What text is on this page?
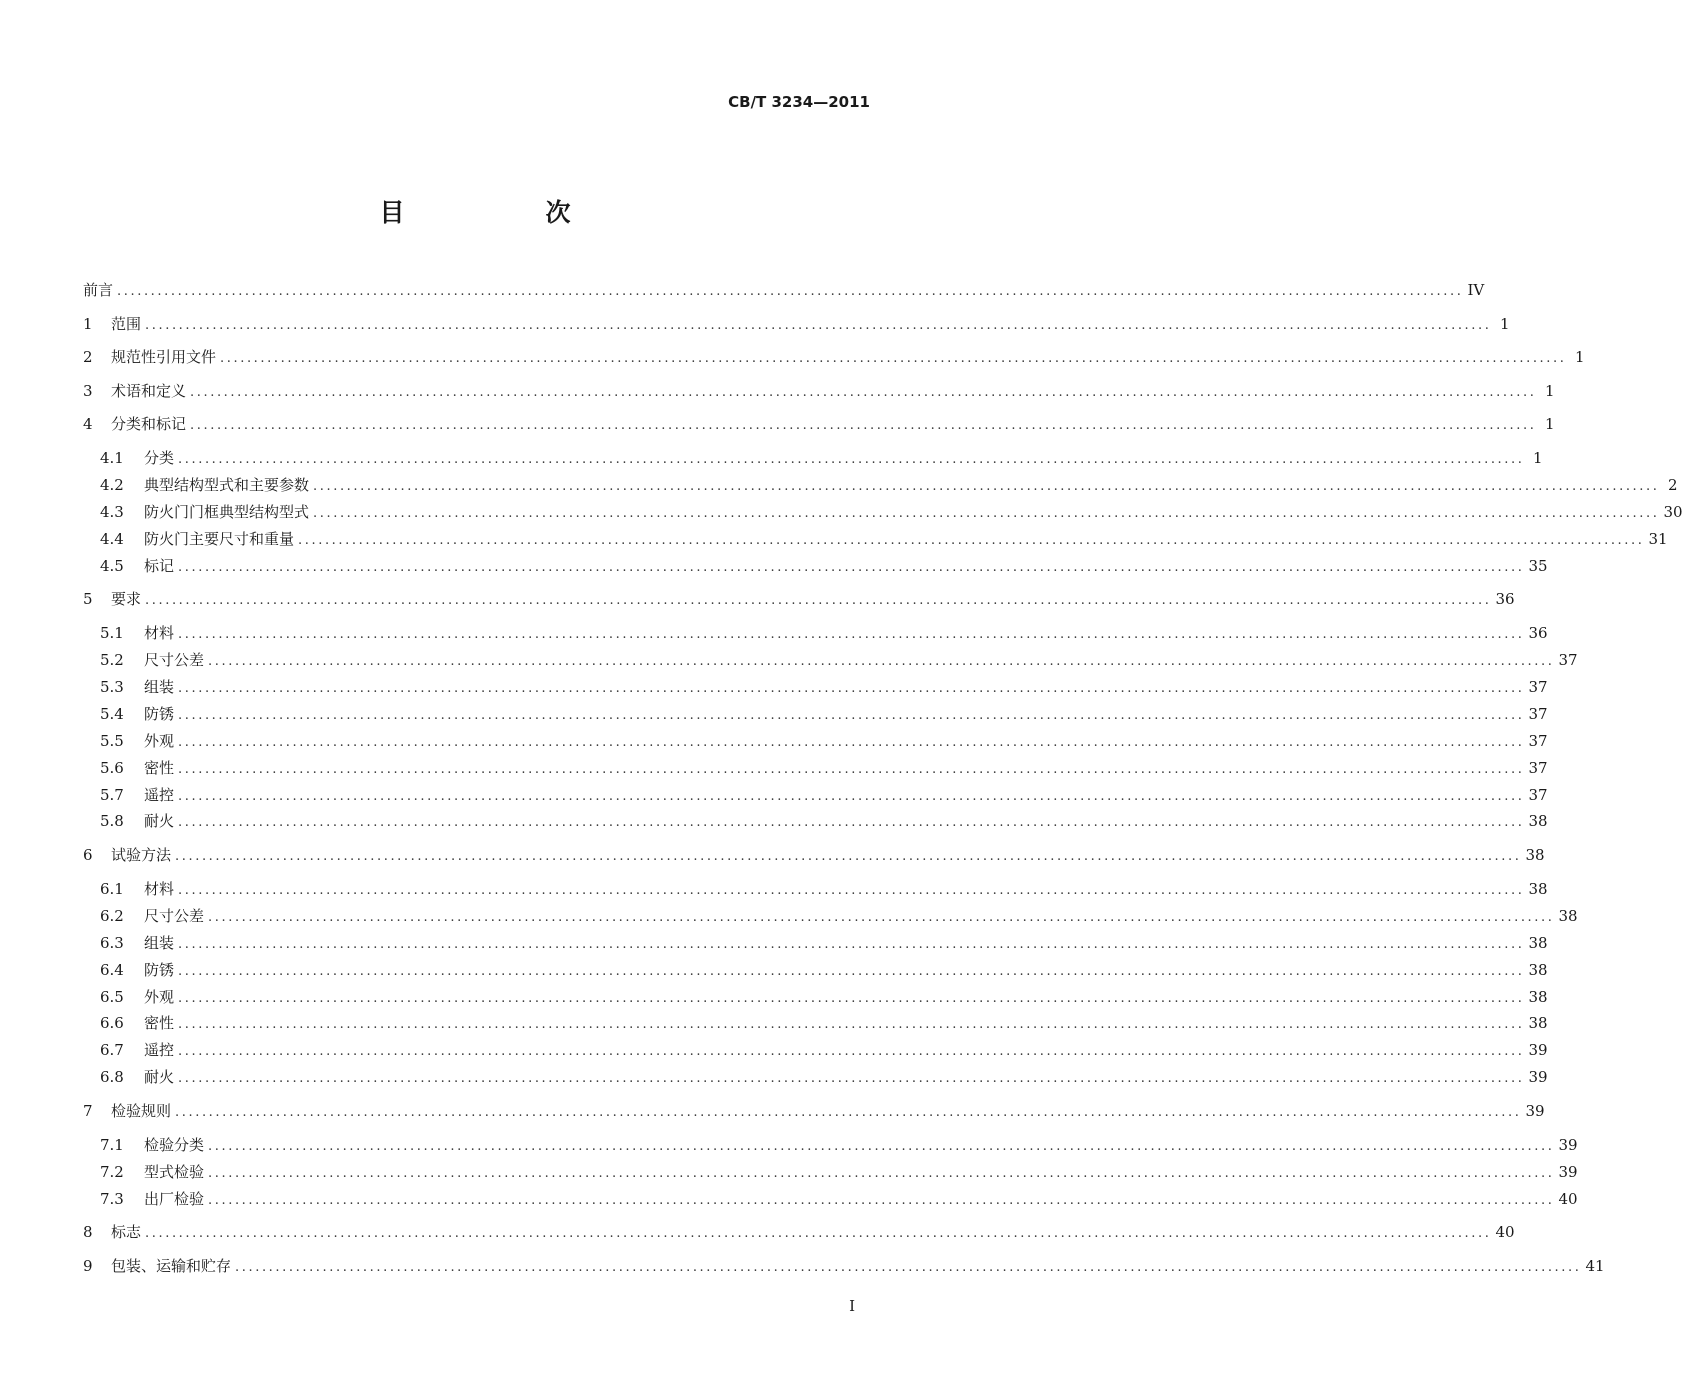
CB/T 3234—2011
目　次
前言 ........................................................................................................................................................................................................ IV
1	范围 ........................................................................................................................................................................................................ 1
2	规范性引用文件 ........................................................................................................................................................................................................ 1
3	术语和定义 ........................................................................................................................................................................................................ 1
4	分类和标记 ........................................................................................................................................................................................................ 1
4.1	分类 ........................................................................................................................................................................................................ 1
4.2	典型结构型式和主要参数 ........................................................................................................................................................................................................ 2
4.3	防火门门框典型结构型式 ........................................................................................................................................................................................................ 30
4.4	防火门主要尺寸和重量 ........................................................................................................................................................................................................ 31
4.5	标记 ........................................................................................................................................................................................................ 35
5	要求 ........................................................................................................................................................................................................ 36
5.1	材料 ........................................................................................................................................................................................................ 36
5.2	尺寸公差 ........................................................................................................................................................................................................ 37
5.3	组装 ........................................................................................................................................................................................................ 37
5.4	防锈 ........................................................................................................................................................................................................ 37
5.5	外观 ........................................................................................................................................................................................................ 37
5.6	密性 ........................................................................................................................................................................................................ 37
5.7	遥控 ........................................................................................................................................................................................................ 37
5.8	耐火 ........................................................................................................................................................................................................ 38
6	试验方法 ........................................................................................................................................................................................................ 38
6.1	材料 ........................................................................................................................................................................................................ 38
6.2	尺寸公差 ........................................................................................................................................................................................................ 38
6.3	组装 ........................................................................................................................................................................................................ 38
6.4	防锈 ........................................................................................................................................................................................................ 38
6.5	外观 ........................................................................................................................................................................................................ 38
6.6	密性 ........................................................................................................................................................................................................ 38
6.7	遥控 ........................................................................................................................................................................................................ 39
6.8	耐火 ........................................................................................................................................................................................................ 39
7	检验规则 ........................................................................................................................................................................................................ 39
7.1	检验分类 ........................................................................................................................................................................................................ 39
7.2	型式检验 ........................................................................................................................................................................................................ 39
7.3	出厂检验 ........................................................................................................................................................................................................ 40
8	标志 ........................................................................................................................................................................................................ 40
9	包装、运输和贮存 ........................................................................................................................................................................................................ 41
I
